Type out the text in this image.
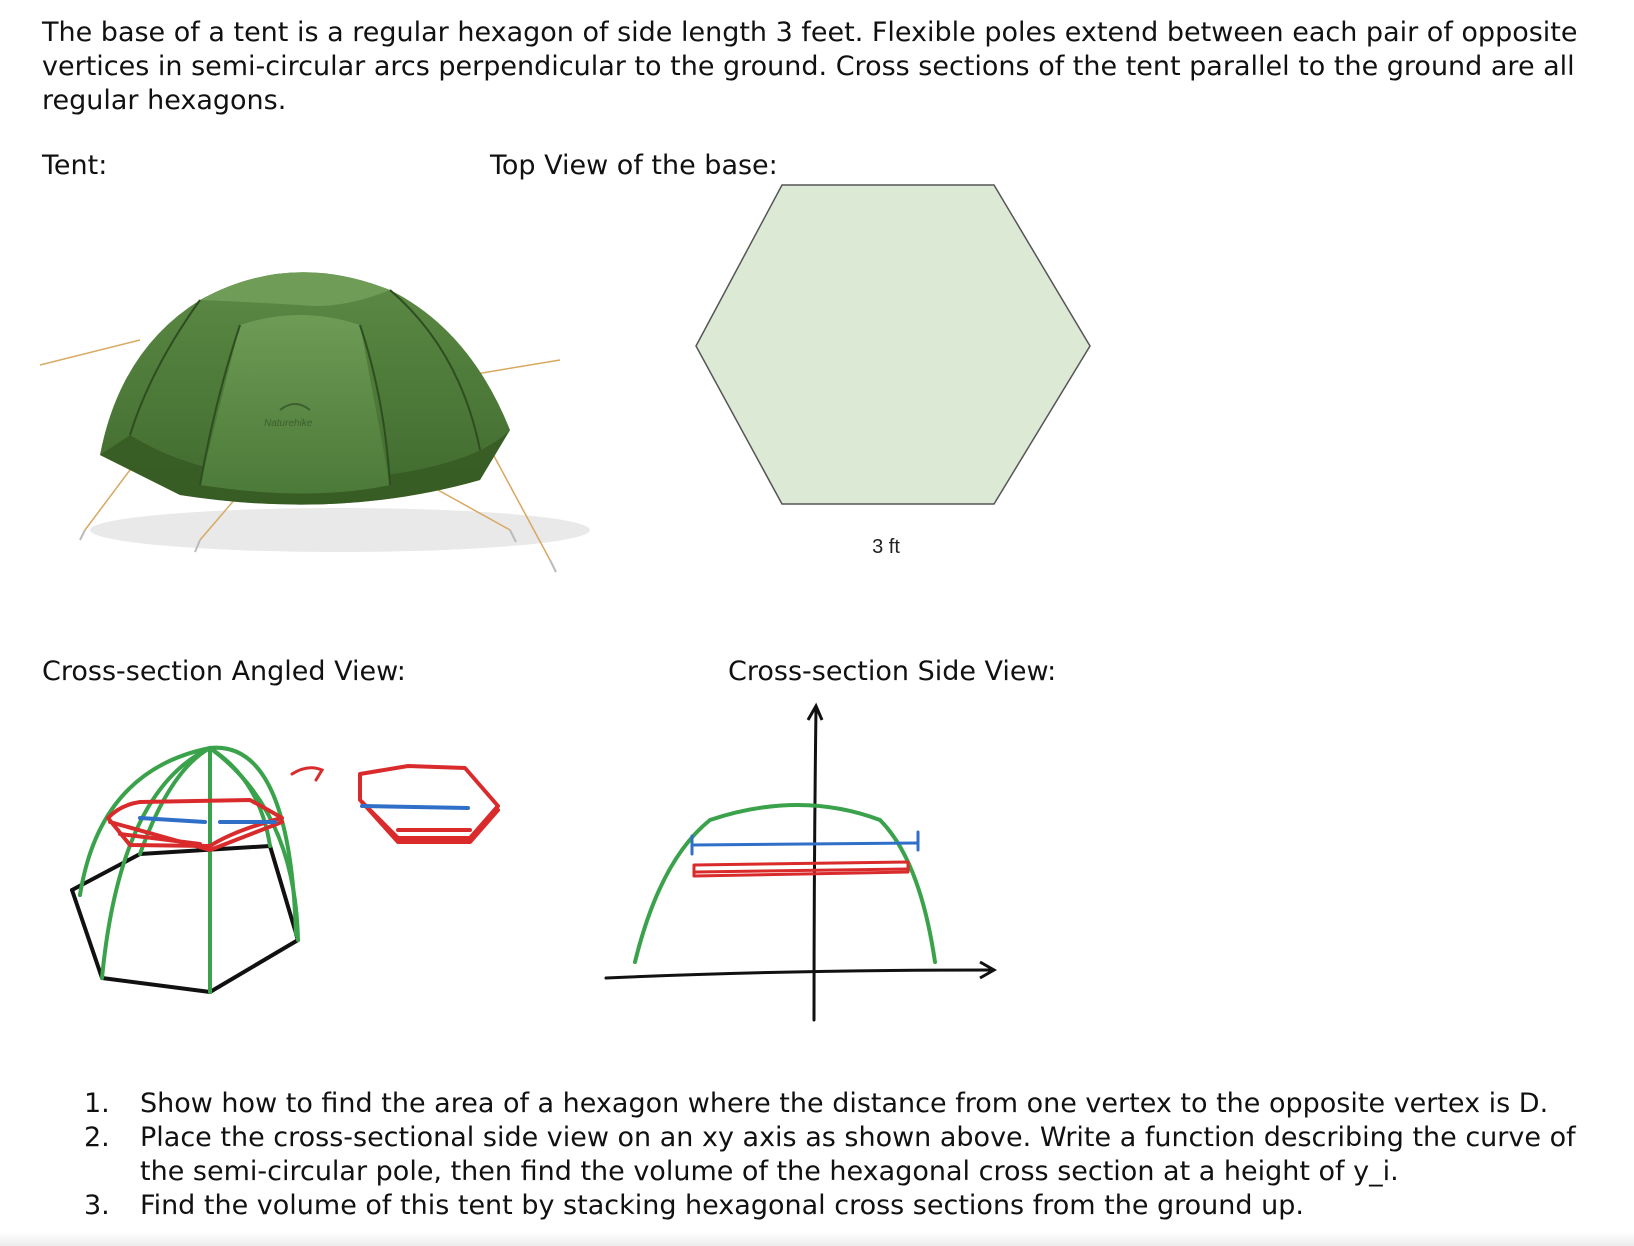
The base of a tent is a regular hexagon of side length 3 feet. Flexible poles extend between each pair of opposite vertices in semi-circular arcs perpendicular to the ground. Cross sections of the tent parallel to the ground are all regular hexagons.

Tent:	Top View of the base:

Naturehike
3 ft

Cross-section Angled View:	Cross-section Side View:

1.	Show how to find the area of a hexagon where the distance from one vertex to the opposite vertex is D.
2.	Place the cross-sectional side view on an xy axis as shown above. Write a function describing the curve of the semi-circular pole, then find the volume of the hexagonal cross section at a height of y_i.
3.	Find the volume of this tent by stacking hexagonal cross sections from the ground up.
